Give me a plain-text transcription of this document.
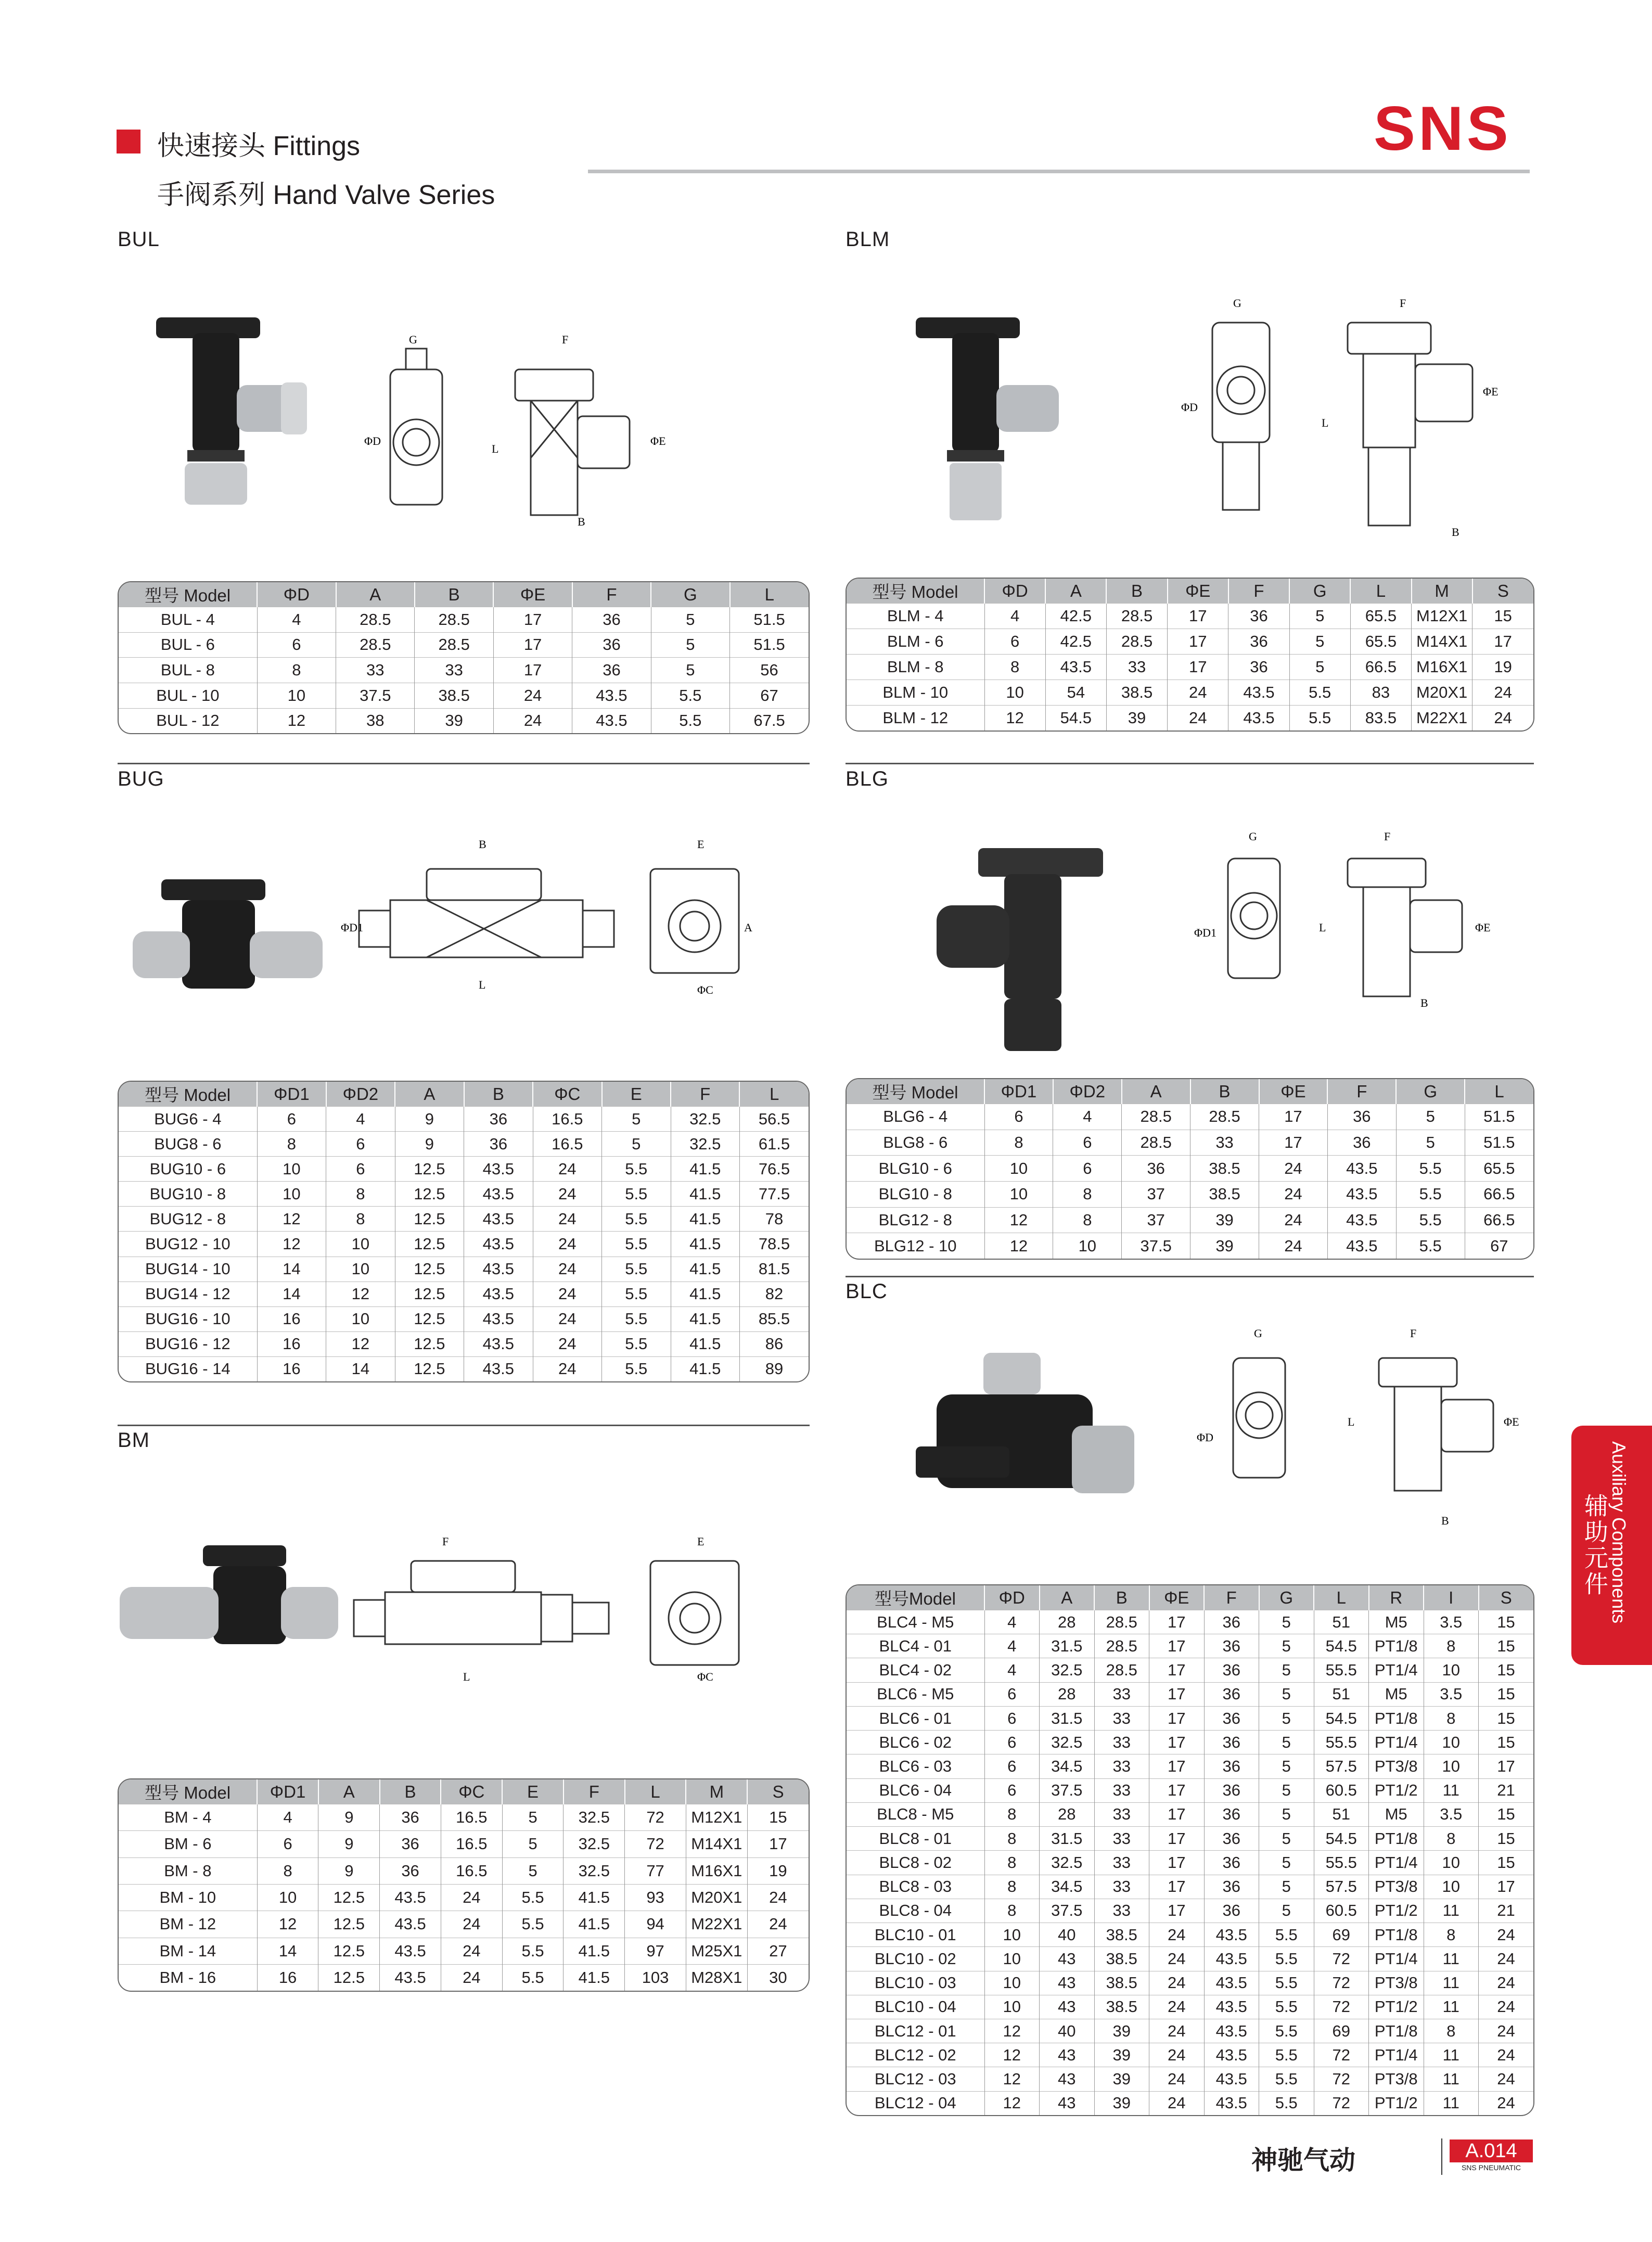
快速接头 Fittings
手阀系列 Hand Valve Series
SNS
BUL	BLM
BUG	BLG
BLC
BM
G
ΦD
F
L
ΦE
B
G
ΦD
F
L
ΦE
B
B
L
ΦD1
ΦC
A
E
G
ΦD1
F
L	ΦE
B
G
ΦD
F
L	ΦE
B
F
L	ΦC
E
型号 Model	ΦD	A	B	ΦE	F	G	L
BUL - 4	4	28.5	28.5	17	36	5	51.5
BUL - 6	6	28.5	28.5	17	36	5	51.5
BUL - 8	8	33	33	17	36	5	56
BUL - 10	10	37.5	38.5	24	43.5	5.5	67
BUL - 12	12	38	39	24	43.5	5.5	67.5
型号 Model	ΦD	A	B	ΦE	F	G	L	M	S
BLM - 4	4	42.5	28.5	17	36	5	65.5	M12X1	15
BLM - 6	6	42.5	28.5	17	36	5	65.5	M14X1	17
BLM - 8	8	43.5	33	17	36	5	66.5	M16X1	19
BLM - 10	10	54	38.5	24	43.5	5.5	83	M20X1	24
BLM - 12	12	54.5	39	24	43.5	5.5	83.5	M22X1	24
型号 Model	ΦD1	ΦD2	A	B	ΦC	E	F	L
BUG6 - 4	6	4	9	36	16.5	5	32.5	56.5
BUG8 - 6	8	6	9	36	16.5	5	32.5	61.5
BUG10 - 6	10	6	12.5	43.5	24	5.5	41.5	76.5
BUG10 - 8	10	8	12.5	43.5	24	5.5	41.5	77.5
BUG12 - 8	12	8	12.5	43.5	24	5.5	41.5	78
BUG12 - 10	12	10	12.5	43.5	24	5.5	41.5	78.5
BUG14 - 10	14	10	12.5	43.5	24	5.5	41.5	81.5
BUG14 - 12	14	12	12.5	43.5	24	5.5	41.5	82
BUG16 - 10	16	10	12.5	43.5	24	5.5	41.5	85.5
BUG16 - 12	16	12	12.5	43.5	24	5.5	41.5	86
BUG16 - 14	16	14	12.5	43.5	24	5.5	41.5	89
型号 Model	ΦD1	ΦD2	A	B	ΦE	F	G	L
BLG6 - 4	6	4	28.5	28.5	17	36	5	51.5
BLG8 - 6	8	6	28.5	33	17	36	5	51.5
BLG10 - 6	10	6	36	38.5	24	43.5	5.5	65.5
BLG10 - 8	10	8	37	38.5	24	43.5	5.5	66.5
BLG12 - 8	12	8	37	39	24	43.5	5.5	66.5
BLG12 - 10	12	10	37.5	39	24	43.5	5.5	67
型号 Model	ΦD1	A	B	ΦC	E	F	L	M	S
BM - 4	4	9	36	16.5	5	32.5	72	M12X1	15
BM - 6	6	9	36	16.5	5	32.5	72	M14X1	17
BM - 8	8	9	36	16.5	5	32.5	77	M16X1	19
BM - 10	10	12.5	43.5	24	5.5	41.5	93	M20X1	24
BM - 12	12	12.5	43.5	24	5.5	41.5	94	M22X1	24
BM - 14	14	12.5	43.5	24	5.5	41.5	97	M25X1	27
BM - 16	16	12.5	43.5	24	5.5	41.5	103	M28X1	30
型号Model	ΦD	A	B	ΦE	F	G	L	R	I	S
BLC4 - M5	4	28	28.5	17	36	5	51	M5	3.5	15
BLC4 - 01	4	31.5	28.5	17	36	5	54.5	PT1/8	8	15
BLC4 - 02	4	32.5	28.5	17	36	5	55.5	PT1/4	10	15
BLC6 - M5	6	28	33	17	36	5	51	M5	3.5	15
BLC6 - 01	6	31.5	33	17	36	5	54.5	PT1/8	8	15
BLC6 - 02	6	32.5	33	17	36	5	55.5	PT1/4	10	15
BLC6 - 03	6	34.5	33	17	36	5	57.5	PT3/8	10	17
BLC6 - 04	6	37.5	33	17	36	5	60.5	PT1/2	11	21
BLC8 - M5	8	28	33	17	36	5	51	M5	3.5	15
BLC8 - 01	8	31.5	33	17	36	5	54.5	PT1/8	8	15
BLC8 - 02	8	32.5	33	17	36	5	55.5	PT1/4	10	15
BLC8 - 03	8	34.5	33	17	36	5	57.5	PT3/8	10	17
BLC8 - 04	8	37.5	33	17	36	5	60.5	PT1/2	11	21
BLC10 - 01	10	40	38.5	24	43.5	5.5	69	PT1/8	8	24
BLC10 - 02	10	43	38.5	24	43.5	5.5	72	PT1/4	11	24
BLC10 - 03	10	43	38.5	24	43.5	5.5	72	PT3/8	11	24
BLC10 - 04	10	43	38.5	24	43.5	5.5	72	PT1/2	11	24
BLC12 - 01	12	40	39	24	43.5	5.5	69	PT1/8	8	24
BLC12 - 02	12	43	39	24	43.5	5.5	72	PT1/4	11	24
BLC12 - 03	12	43	39	24	43.5	5.5	72	PT3/8	11	24
BLC12 - 04	12	43	39	24	43.5	5.5	72	PT1/2	11	24
Auxiliary Components
辅助元件
神驰气动	A.014
SNS PNEUMATIC
